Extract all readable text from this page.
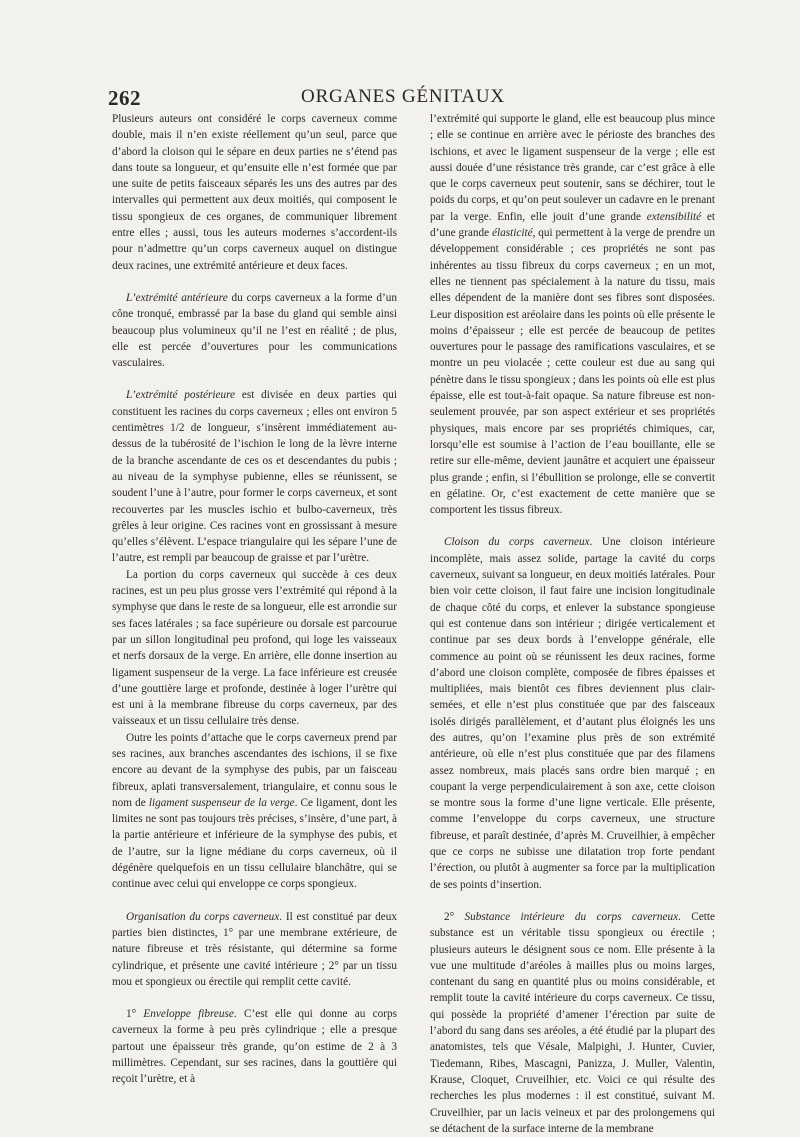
262	ORGANES GÉNITAUX

Plusieurs auteurs ont considéré le corps caverneux comme double, mais il n’en existe réellement qu’un seul, parce que d’abord la cloison qui le sépare en deux parties ne s’étend pas dans toute sa longueur, et qu’ensuite elle n’est formée que par une suite de petits faisceaux séparés les uns des autres par des intervalles qui permettent aux deux moitiés, qui composent le tissu spongieux de ces organes, de communiquer librement entre elles ; aussi, tous les auteurs modernes s’accordent-ils pour n’admettre qu’un corps caverneux auquel on distingue deux racines, une extrémité antérieure et deux faces.

L’extrémité antérieure du corps caverneux a la forme d’un cône tronqué, embrassé par la base du gland qui semble ainsi beaucoup plus volumineux qu’il ne l’est en réalité ; de plus, elle est percée d’ouvertures pour les communications vasculaires.

L’extrémité postérieure est divisée en deux parties qui constituent les racines du corps caverneux ; elles ont environ 5 centimètres 1/2 de longueur, s’insèrent immédiatement au-dessus de la tubérosité de l’ischion le long de la lèvre interne de la branche ascendante de ces os et descendantes du pubis ; au niveau de la symphyse pubienne, elles se réunissent, se soudent l’une à l’autre, pour former le corps caverneux, et sont recouvertes par les muscles ischio et bulbo-caverneux, très grêles à leur origine. Ces racines vont en grossissant à mesure qu’elles s’élèvent. L’espace triangulaire qui les sépare l’une de l’autre, est rempli par beaucoup de graisse et par l’urètre.

La portion du corps caverneux qui succède à ces deux racines, est un peu plus grosse vers l’extrémité qui répond à la symphyse que dans le reste de sa longueur, elle est arrondie sur ses faces latérales ; sa face supérieure ou dorsale est parcourue par un sillon longitudinal peu profond, qui loge les vaisseaux et nerfs dorsaux de la verge. En arrière, elle donne insertion au ligament suspenseur de la verge. La face inférieure est creusée d’une gouttière large et profonde, destinée à loger l’urètre qui est uni à la membrane fibreuse du corps caverneux, par des vaisseaux et un tissu cellulaire très dense.

Outre les points d’attache que le corps caverneux prend par ses racines, aux branches ascendantes des ischions, il se fixe encore au devant de la symphyse des pubis, par un faisceau fibreux, aplati transversalement, triangulaire, et connu sous le nom de ligament suspenseur de la verge. Ce ligament, dont les limites ne sont pas toujours très précises, s’insère, d’une part, à la partie antérieure et inférieure de la symphyse des pubis, et de l’autre, sur la ligne médiane du corps caverneux, où il dégénère quelquefois en un tissu cellulaire blanchâtre, qui se continue avec celui qui enveloppe ce corps spongieux.

Organisation du corps caverneux. Il est constitué par deux parties bien distinctes, 1° par une membrane extérieure, de nature fibreuse et très résistante, qui détermine sa forme cylindrique, et présente une cavité intérieure ; 2° par un tissu mou et spongieux ou érectile qui remplit cette cavité.

1° Enveloppe fibreuse. C’est elle qui donne au corps caverneux la forme à peu près cylindrique ; elle a presque partout une épaisseur très grande, qu’on estime de 2 à 3 millimètres. Cependant, sur ses racines, dans la gouttière qui reçoit l’urètre, et à

l’extrémité qui supporte le gland, elle est beaucoup plus mince ; elle se continue en arrière avec le périoste des branches des ischions, et avec le ligament suspenseur de la verge ; elle est aussi douée d’une résistance très grande, car c’est grâce à elle que le corps caverneux peut soutenir, sans se déchirer, tout le poids du corps, et qu’on peut soulever un cadavre en le prenant par la verge. Enfin, elle jouit d’une grande extensibilité et d’une grande élasticité, qui permettent à la verge de prendre un développement considérable ; ces propriétés ne sont pas inhérentes au tissu fibreux du corps caverneux ; en un mot, elles ne tiennent pas spécialement à la nature du tissu, mais elles dépendent de la manière dont ses fibres sont disposées. Leur disposition est aréolaire dans les points où elle présente le moins d’épaisseur ; elle est percée de beaucoup de petites ouvertures pour le passage des ramifications vasculaires, et se montre un peu violacée ; cette couleur est due au sang qui pénètre dans le tissu spongieux ; dans les points où elle est plus épaisse, elle est tout-à-fait opaque. Sa nature fibreuse est non-seulement prouvée, par son aspect extérieur et ses propriétés physiques, mais encore par ses propriétés chimiques, car, lorsqu’elle est soumise à l’action de l’eau bouillante, elle se retire sur elle-même, devient jaunâtre et acquiert une épaisseur plus grande ; enfin, si l’ébullition se prolonge, elle se convertit en gélatine. Or, c’est exactement de cette manière que se comportent les tissus fibreux.

Cloison du corps caverneux. Une cloison intérieure incomplète, mais assez solide, partage la cavité du corps caverneux, suivant sa longueur, en deux moitiés latérales. Pour bien voir cette cloison, il faut faire une incision longitudinale de chaque côté du corps, et enlever la substance spongieuse qui est contenue dans son intérieur ; dirigée verticalement et continue par ses deux bords à l’enveloppe générale, elle commence au point où se réunissent les deux racines, forme d’abord une cloison complète, composée de fibres épaisses et multipliées, mais bientôt ces fibres deviennent plus clair-semées, et elle n’est plus constituée que par des faisceaux isolés dirigés parallèlement, et d’autant plus éloignés les uns des autres, qu’on l’examine plus près de son extrémité antérieure, où elle n’est plus constituée que par des filamens assez nombreux, mais placés sans ordre bien marqué ; en coupant la verge perpendiculairement à son axe, cette cloison se montre sous la forme d’une ligne verticale. Elle présente, comme l’enveloppe du corps caverneux, une structure fibreuse, et paraît destinée, d’après M. Cruveilhier, à empêcher que ce corps ne subisse une dilatation trop forte pendant l’érection, ou plutôt à augmenter sa force par la multiplication de ses points d’insertion.

2° Substance intérieure du corps caverneux. Cette substance est un véritable tissu spongieux ou érectile ; plusieurs auteurs le désignent sous ce nom. Elle présente à la vue une multitude d’aréoles à mailles plus ou moins larges, contenant du sang en quantité plus ou moins considérable, et remplit toute la cavité intérieure du corps caverneux. Ce tissu, qui possède la propriété d’amener l’érection par suite de l’abord du sang dans ses aréoles, a été étudié par la plupart des anatomistes, tels que Vésale, Malpighi, J. Hunter, Cuvier, Tiedemann, Ribes, Mascagni, Panizza, J. Muller, Valentin, Krause, Cloquet, Cruveilhier, etc. Voici ce qui résulte des recherches les plus modernes : il est constitué, suivant M. Cruveilhier, par un lacis veineux et par des prolongemens qui se détachent de la surface interne de la membrane
